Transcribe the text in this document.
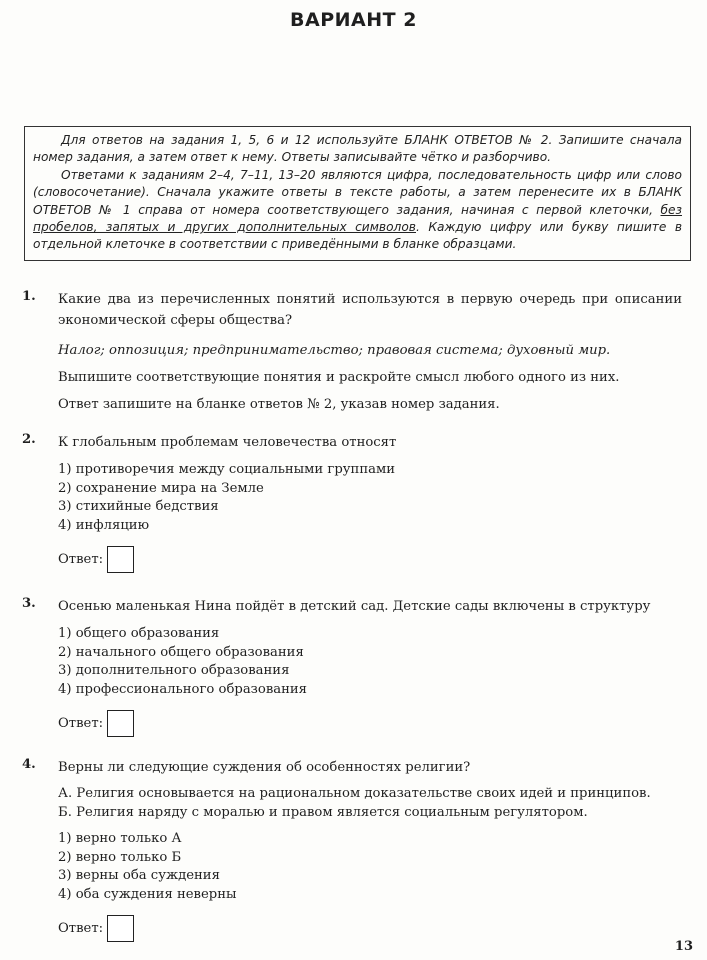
ВАРИАНТ 2

Для ответов на задания 1, 5, 6 и 12 используйте БЛАНК ОТВЕТОВ № 2. Запишите сначала номер задания, а затем ответ к нему. Ответы записывайте чётко и разборчиво.

Ответами к заданиям 2–4, 7–11, 13–20 являются цифра, последовательность цифр или слово (словосочетание). Сначала укажите ответы в тексте работы, а затем перенесите их в БЛАНК ОТВЕТОВ № 1 справа от номера соответствующего задания, начиная с первой клеточки, без пробелов, запятых и других дополнительных символов. Каждую цифру или букву пишите в отдельной клеточке в соответствии с приведёнными в бланке образцами.

1. Какие два из перечисленных понятий используются в первую очередь при описании экономической сферы общества?

Налог; оппозиция; предпринимательство; правовая система; духовный мир.

Выпишите соответствующие понятия и раскройте смысл любого одного из них.

Ответ запишите на бланке ответов № 2, указав номер задания.

2. К глобальным проблемам человечества относят

1) противоречия между социальными группами
2) сохранение мира на Земле
3) стихийные бедствия
4) инфляцию
Ответ:
3. Осенью маленькая Нина пойдёт в детский сад. Детские сады включены в структуру

1) общего образования
2) начального общего образования
3) дополнительного образования
4) профессионального образования
Ответ:
4. Верны ли следующие суждения об особенностях религии?

А. Религия основывается на рациональном доказательстве своих идей и принципов.
Б. Религия наряду с моралью и правом является социальным регулятором.
1) верно только А
2) верно только Б
3) верны оба суждения
4) оба суждения неверны
Ответ:
13
